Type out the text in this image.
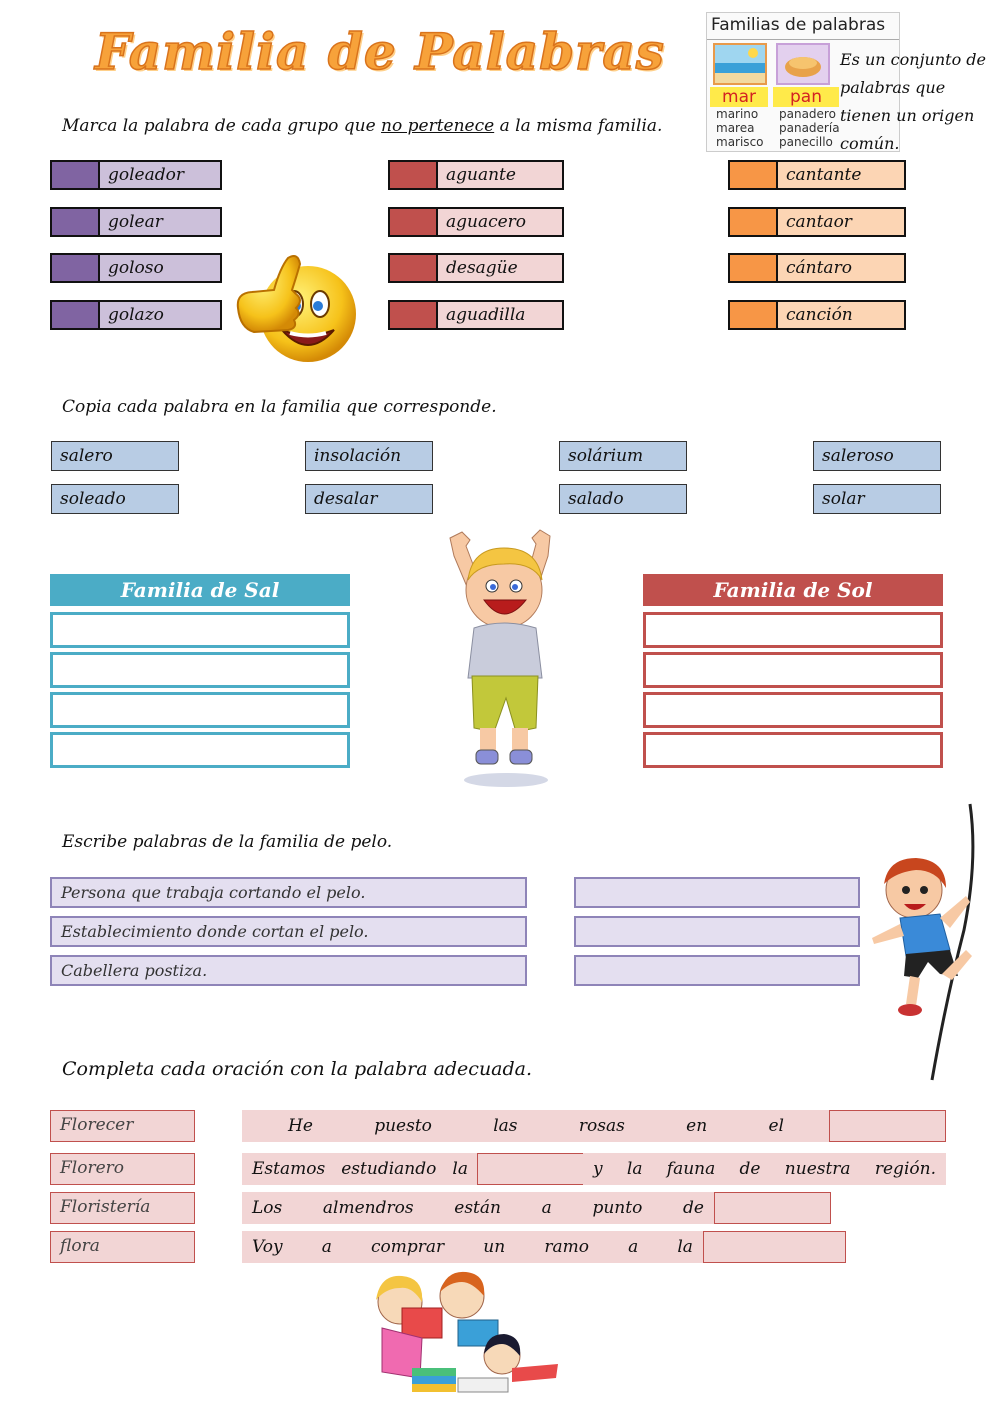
Familia de Palabras	Familias de palabras
mar
marino
marea
marisco
pan
panadero
panadería
panecillo
Es un conjunto de palabras que tienen un origen común.
Marca la palabra de cada grupo que no pertenece a la misma familia.
Copia cada palabra en la familia que corresponde.
Familia de Sal	Familia de Sol
Escribe palabras de la familia de pelo.
Completa cada oración con la palabra adecuada.
goleador
golear
goloso
golazo
aguante
aguacero
desagüe
aguadilla
cantante
cantaor
cántaro
canción
salero	insolación	solárium	saleroso
soleado	desalar	salado	solar
Persona que trabaja cortando el pelo.
Establecimiento donde cortan el pelo.
Cabellera postiza.
Florecer
Florero
Floristería
flora
He	puesto	las	rosas	en	el
Estamos estudiando la	y la fauna de nuestra región.
Los almendros están a punto de
Voy a comprar un ramo a la
